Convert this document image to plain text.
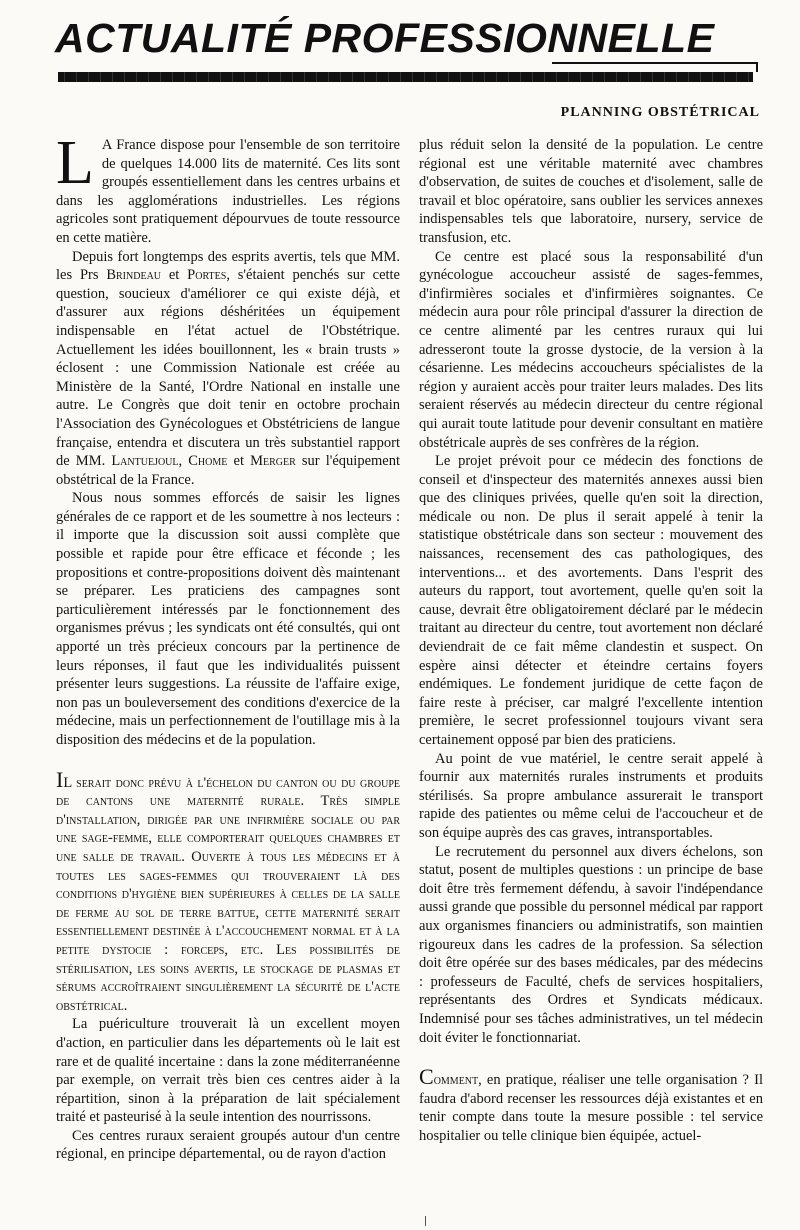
ACTUALITÉ PROFESSIONNELLE
PLANNING OBSTÉTRICAL

L A France dispose pour l'ensemble de son territoire de quelques 14.000 lits de maternité. Ces lits sont groupés essentiellement dans les centres urbains et dans les agglomérations industrielles. Les régions agricoles sont pratiquement dépourvues de toute ressource en cette matière.

Depuis fort longtemps des esprits avertis, tels que MM. les Prs Brindeau et Portes, s'étaient penchés sur cette question, soucieux d'améliorer ce qui existe déjà, et d'assurer aux régions déshéritées un équipement indispensable en l'état actuel de l'Obstétrique. Actuellement les idées bouillonnent, les « brain trusts » éclosent : une Commission Nationale est créée au Ministère de la Santé, l'Ordre National en installe une autre. Le Congrès que doit tenir en octobre prochain l'Association des Gynécologues et Obstétriciens de langue française, entendra et discutera un très substantiel rapport de MM. Lantuejoul, Chome et Merger sur l'équipement obstétrical de la France.

Nous nous sommes efforcés de saisir les lignes générales de ce rapport et de les soumettre à nos lecteurs : il importe que la discussion soit aussi complète que possible et rapide pour être efficace et féconde ; les propositions et contre-propositions doivent dès maintenant se préparer. Les praticiens des campagnes sont particulièrement intéressés par le fonctionnement des organismes prévus ; les syndicats ont été consultés, qui ont apporté un très précieux concours par la pertinence de leurs réponses, il faut que les individualités puissent présenter leurs suggestions. La réussite de l'affaire exige, non pas un bouleversement des conditions d'exercice de la médecine, mais un perfectionnement de l'outillage mis à la disposition des médecins et de la population.

IL serait donc prévu à l'échelon du canton ou du groupe de cantons une maternité rurale. Très simple d'installation, dirigée par une infirmière sociale ou par une sage-femme, elle comporterait quelques chambres et une salle de travail. Ouverte à tous les médecins et à toutes les sages-femmes qui trouveraient là des conditions d'hygiène bien supérieures à celles de la salle de ferme au sol de terre battue, cette maternité serait essentiellement destinée à l'accouchement normal et à la petite dystocie : forceps, etc. Les possibilités de stérilisation, les soins avertis, le stockage de plasmas et sérums accroîtraient singulièrement la sécurité de l'acte obstétrical.

La puériculture trouverait là un excellent moyen d'action, en particulier dans les départements où le lait est rare et de qualité incertaine : dans la zone méditerranéenne par exemple, on verrait très bien ces centres aider à la répartition, sinon à la préparation de lait spécialement traité et pasteurisé à la seule intention des nourrissons.

Ces centres ruraux seraient groupés autour d'un centre régional, en principe départemental, ou de rayon d'action

plus réduit selon la densité de la population. Le centre régional est une véritable maternité avec chambres d'observation, de suites de couches et d'isolement, salle de travail et bloc opératoire, sans oublier les services annexes indispensables tels que laboratoire, nursery, service de transfusion, etc.

Ce centre est placé sous la responsabilité d'un gynécologue accoucheur assisté de sages-femmes, d'infirmières sociales et d'infirmières soignantes. Ce médecin aura pour rôle principal d'assurer la direction de ce centre alimenté par les centres ruraux qui lui adresseront toute la grosse dystocie, de la version à la césarienne. Les médecins accoucheurs spécialistes de la région y auraient accès pour traiter leurs malades. Des lits seraient réservés au médecin directeur du centre régional qui aurait toute latitude pour devenir consultant en matière obstétricale auprès de ses confrères de la région.

Le projet prévoit pour ce médecin des fonctions de conseil et d'inspecteur des maternités annexes aussi bien que des cliniques privées, quelle qu'en soit la direction, médicale ou non. De plus il serait appelé à tenir la statistique obstétricale dans son secteur : mouvement des naissances, recensement des cas pathologiques, des interventions... et des avortements. Dans l'esprit des auteurs du rapport, tout avortement, quelle qu'en soit la cause, devrait être obligatoirement déclaré par le médecin traitant au directeur du centre, tout avortement non déclaré deviendrait de ce fait même clandestin et suspect. On espère ainsi détecter et éteindre certains foyers endémiques. Le fondement juridique de cette façon de faire reste à préciser, car malgré l'excellente intention première, le secret professionnel toujours vivant sera certainement opposé par bien des praticiens.

Au point de vue matériel, le centre serait appelé à fournir aux maternités rurales instruments et produits stérilisés. Sa propre ambulance assurerait le transport rapide des patientes ou même celui de l'accoucheur et de son équipe auprès des cas graves, intransportables.

Le recrutement du personnel aux divers échelons, son statut, posent de multiples questions : un principe de base doit être très fermement défendu, à savoir l'indépendance aussi grande que possible du personnel médical par rapport aux organismes financiers ou administratifs, son maintien rigoureux dans les cadres de la profession. Sa sélection doit être opérée sur des bases médicales, par des médecins : professeurs de Faculté, chefs de services hospitaliers, représentants des Ordres et Syndicats médicaux. Indemnisé pour ses tâches administratives, un tel médecin doit éviter le fonctionnariat.

Comment, en pratique, réaliser une telle organisation ? Il faudra d'abord recenser les ressources déjà existantes et en tenir compte dans toute la mesure possible : tel service hospitalier ou telle clinique bien équipée, actuel-
